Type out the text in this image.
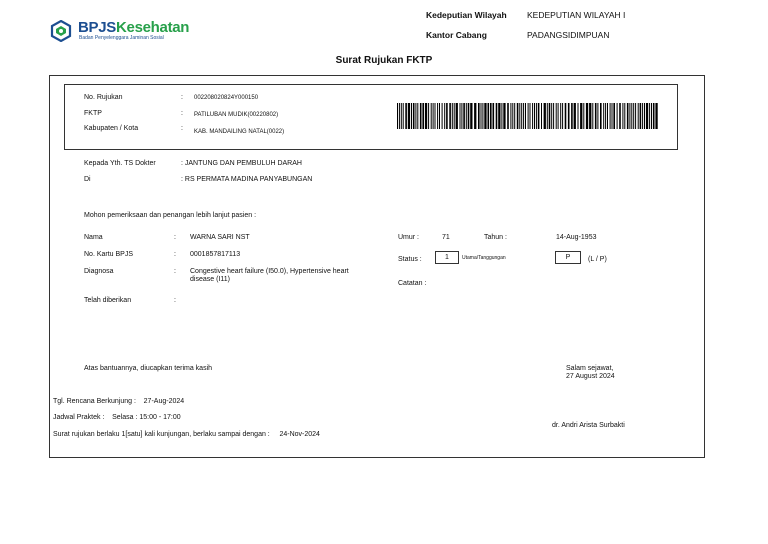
BPJSKesehatan
Badan Penyelenggara Jaminan Sosial
Kedeputian Wilayah KEDEPUTIAN WILAYAH I
Kantor Cabang	PADANGSIDIMPUAN
Surat Rujukan FKTP
No. Rujukan	: 002208020824Y000150
FKTP	: PATILUBAN MUDIK(00220802)
Kabupaten / Kota	: KAB. MANDAILING NATAL(0022)
Kepada Yth. TS Dokter	: JANTUNG DAN PEMBULUH DARAH
Di	: RS PERMATA MADINA PANYABUNGAN
Mohon pemeriksaan dan penangan lebih lanjut pasien :
Nama	: WARNA SARI NST
No. Kartu BPJS	: 0001857817113
Diagnosa	: Congestive heart failure (I50.0), Hypertensive heart
disease (I11)
Telah diberikan	:
Umur :	71	Tahun :	14-Aug-1953
Status :	1	Utama/Tanggungan	P	(L / P)
Catatan :
Atas bantuannya, diucapkan terima kasih	Salam sejawat,
27 August 2024
Tgl. Rencana Berkunjung :    27-Aug-2024
Jadwal Praktek :    Selasa : 15:00 - 17:00
Surat rujukan berlaku 1[satu] kali kunjungan, berlaku sampai dengan :     24-Nov-2024
dr. Andri Arista Surbakti
